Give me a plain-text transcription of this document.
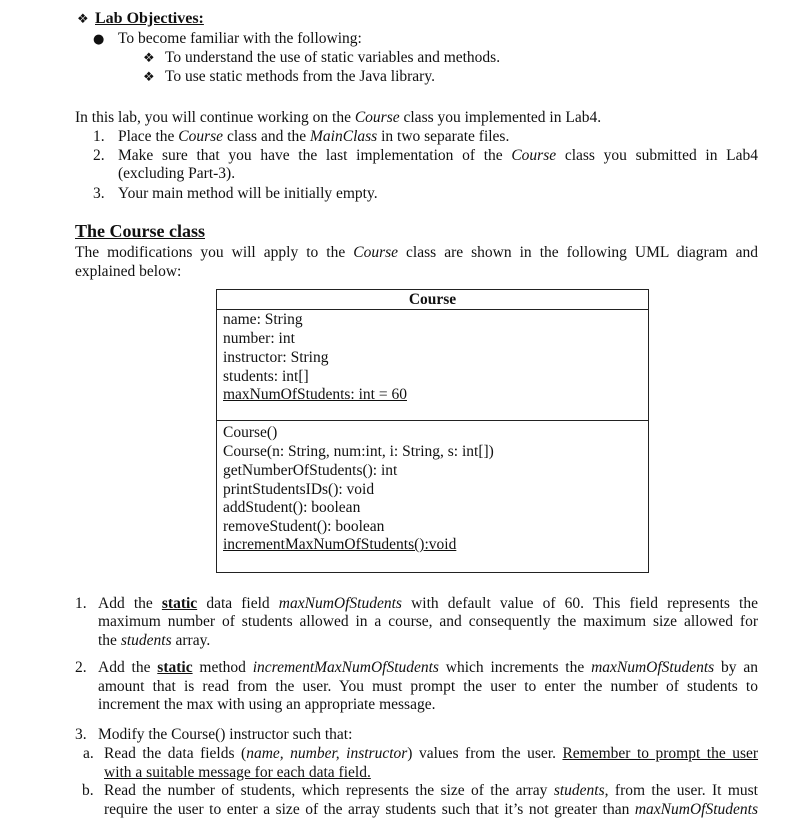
❖ Lab Objectives:
● To become familiar with the following:
❖ To understand the use of static variables and methods.
❖ To use static methods from the Java library.
In this lab, you will continue working on the Course class you implemented in Lab4.
1. Place the Course class and the MainClass in two separate files.
2. Make sure that you have the last implementation of the Course class you submitted in Lab4
(excluding Part-3).
3. Your main method will be initially empty.
The Course class
The modifications you will apply to the Course class are shown in the following UML diagram and
explained below:
Course
name: String
number: int
instructor: String
students: int[]
maxNumOfStudents: int = 60
Course()
Course(n: String, num:int, i: String, s: int[])
getNumberOfStudents(): int
printStudentsIDs(): void
addStudent(): boolean
removeStudent(): boolean
incrementMaxNumOfStudents():void
1. Add the static data field maxNumOfStudents with default value of 60. This field represents the
maximum number of students allowed in a course, and consequently the maximum size allowed for
the students array.
2. Add the static method incrementMaxNumOfStudents which increments the maxNumOfStudents by an
amount that is read from the user. You must prompt the user to enter the number of students to
increment the max with using an appropriate message.
3. Modify the Course() instructor such that:
a. Read the data fields (name, number, instructor) values from the user. Remember to prompt the user
with a suitable message for each data field.
b. Read the number of students, which represents the size of the array students, from the user. It must
require the user to enter a size of the array students such that it’s not greater than maxNumOfStudents
